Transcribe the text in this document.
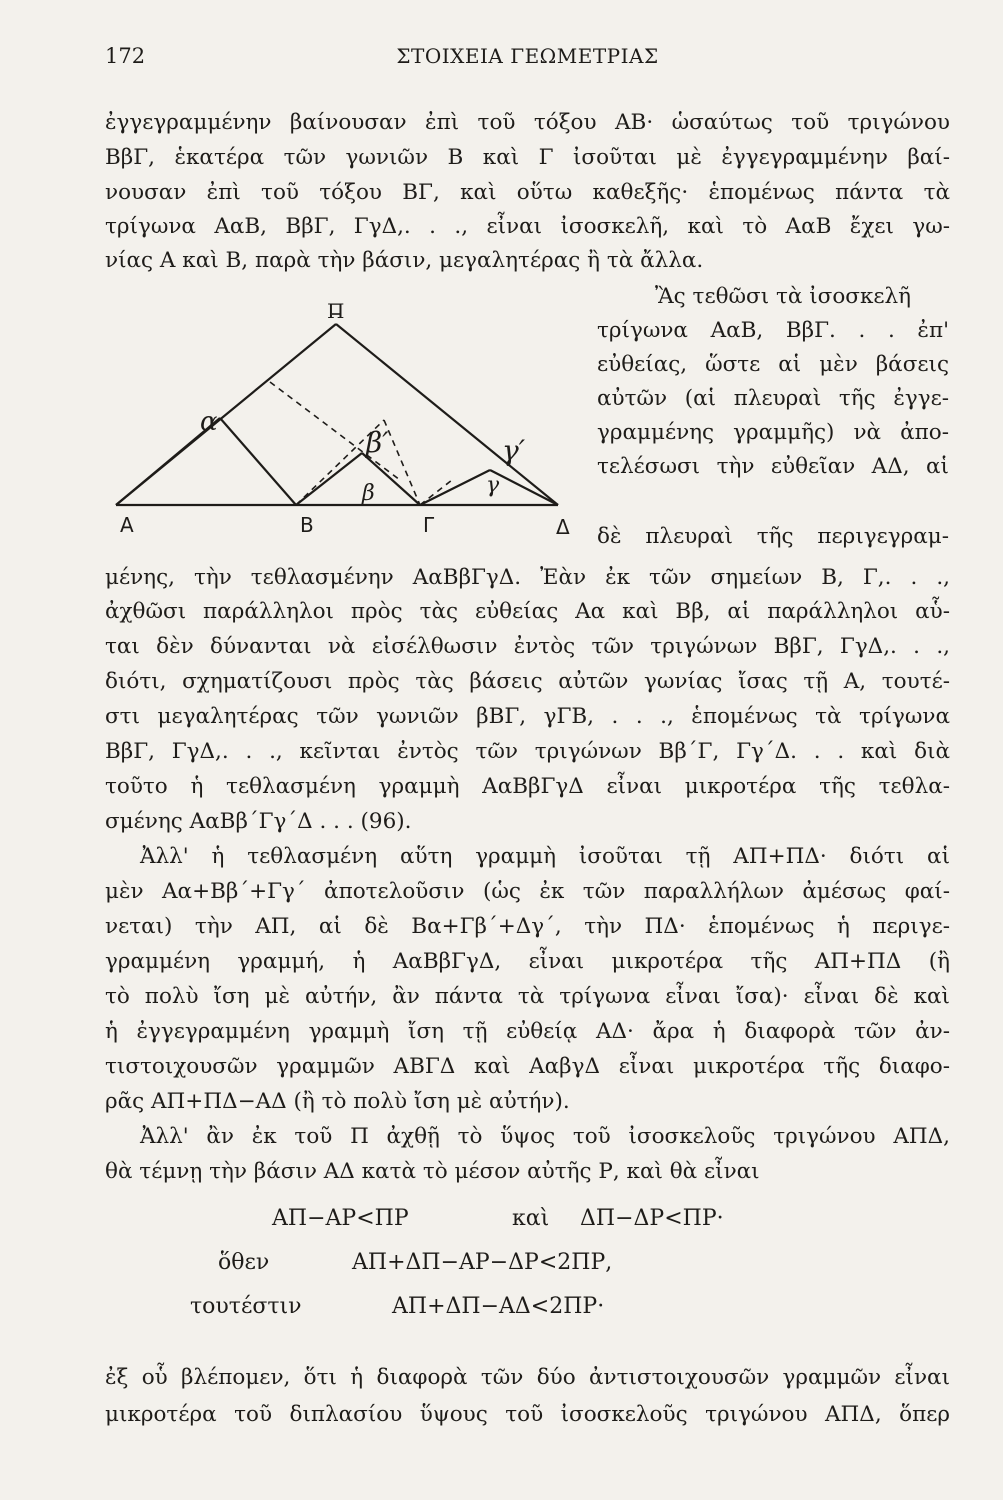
172	ΣΤΟΙΧΕΙΑ ΓΕΩΜΕΤΡΙΑΣ
ἐγγεγραμμένην βαίνουσαν ἐπὶ τοῦ τόξου ΑΒ· ὡσαύτως τοῦ τριγώνου
ΒβΓ, ἑκατέρα τῶν γωνιῶν Β καὶ Γ ἰσοῦται μὲ ἐγγεγραμμένην βαί-
νουσαν ἐπὶ τοῦ τόξου ΒΓ, καὶ οὕτω καθεξῆς· ἑπομένως πάντα τὰ
τρίγωνα ΑαΒ, ΒβΓ, ΓγΔ,. . ., εἶναι ἰσοσκελῆ, καὶ τὸ ΑαΒ ἔχει γω-
νίας Α καὶ Β, παρὰ τὴν βάσιν, μεγαλητέρας ἢ τὰ ἄλλα.
Ἂς τεθῶσι τὰ ἰσοσκελῆ
τρίγωνα ΑαΒ, ΒβΓ. . . ἐπ'
εὐθείας, ὥστε αἱ μὲν βάσεις
αὐτῶν (αἱ πλευραὶ τῆς ἐγγε-
γραμμένης γραμμῆς) νὰ ἀπο-
τελέσωσι τὴν εὐθεῖαν ΑΔ, αἱ
δὲ πλευραὶ τῆς περιγεγραμ-
Π
Α	Β	Γ	Δ
α
β	γ
β′	γ′
μένης, τὴν τεθλασμένην ΑαΒβΓγΔ. Ἐὰν ἐκ τῶν σημείων Β, Γ,. . .,
ἀχθῶσι παράλληλοι πρὸς τὰς εὐθείας Αα καὶ Ββ, αἱ παράλληλοι αὗ-
ται δὲν δύνανται νὰ εἰσέλθωσιν ἐντὸς τῶν τριγώνων ΒβΓ, ΓγΔ,. . .,
διότι, σχηματίζουσι πρὸς τὰς βάσεις αὐτῶν γωνίας ἴσας τῇ Α, τουτέ-
στι μεγαλητέρας τῶν γωνιῶν βΒΓ, γΓΒ, . . ., ἑπομένως τὰ τρίγωνα
ΒβΓ, ΓγΔ,. . ., κεῖνται ἐντὸς τῶν τριγώνων Ββ΄Γ, Γγ΄Δ. . . καὶ διὰ
τοῦτο ἡ τεθλασμένη γραμμὴ ΑαΒβΓγΔ εἶναι μικροτέρα τῆς τεθλα-
σμένης ΑαΒβ΄Γγ΄Δ . . . (96).
Ἀλλ' ἡ τεθλασμένη αὕτη γραμμὴ ἰσοῦται τῇ ΑΠ+ΠΔ· διότι αἱ
μὲν Αα+Ββ΄+Γγ΄ ἀποτελοῦσιν (ὡς ἐκ τῶν παραλλήλων ἀμέσως φαί-
νεται) τὴν ΑΠ, αἱ δὲ Βα+Γβ΄+Δγ΄, τὴν ΠΔ· ἑπομένως ἡ περιγε-
γραμμένη γραμμή, ἡ ΑαΒβΓγΔ, εἶναι μικροτέρα τῆς ΑΠ+ΠΔ (ἢ
τὸ πολὺ ἴση μὲ αὐτήν, ἂν πάντα τὰ τρίγωνα εἶναι ἴσα)· εἶναι δὲ καὶ
ἡ ἐγγεγραμμένη γραμμὴ ἴση τῇ εὐθείᾳ ΑΔ· ἄρα ἡ διαφορὰ τῶν ἀν-
τιστοιχουσῶν γραμμῶν ΑΒΓΔ καὶ ΑαβγΔ εἶναι μικροτέρα τῆς διαφο-
ρᾶς ΑΠ+ΠΔ−ΑΔ (ἢ τὸ πολὺ ἴση μὲ αὐτήν).
Ἀλλ' ἂν ἐκ τοῦ Π ἀχθῇ τὸ ὕψος τοῦ ἰσοσκελοῦς τριγώνου ΑΠΔ,
θὰ τέμνῃ τὴν βάσιν ΑΔ κατὰ τὸ μέσον αὐτῆς Ρ, καὶ θὰ εἶναι
ΑΠ−ΑΡ<ΠΡ	καὶ ΔΠ−ΔΡ<ΠΡ·
ὅθεν	ΑΠ+ΔΠ−ΑΡ−ΔΡ<2ΠΡ,
τουτέστιν	ΑΠ+ΔΠ−ΑΔ<2ΠΡ·
ἐξ οὗ βλέπομεν, ὅτι ἡ διαφορὰ τῶν δύο ἀντιστοιχουσῶν γραμμῶν εἶναι
μικροτέρα τοῦ διπλασίου ὕψους τοῦ ἰσοσκελοῦς τριγώνου ΑΠΔ, ὅπερ
